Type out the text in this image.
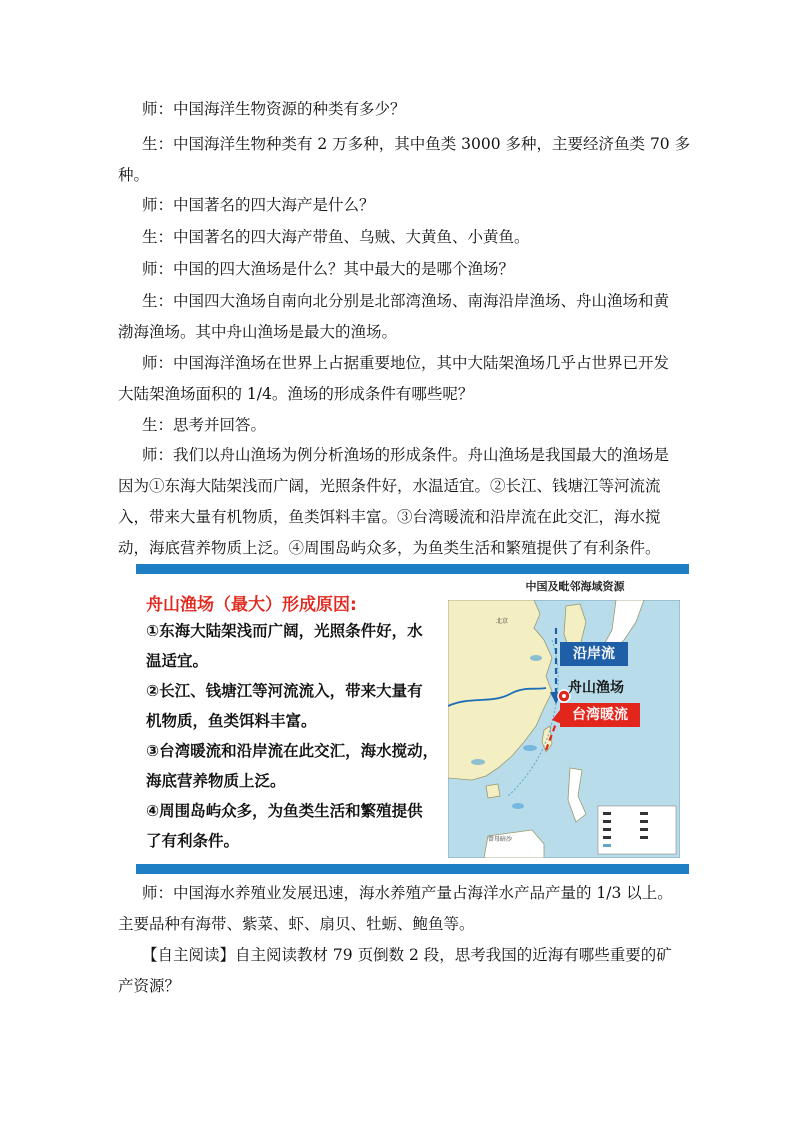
师：中国海洋生物资源的种类有多少？
生：中国海洋生物种类有 2 万多种，其中鱼类 3000 多种，主要经济鱼类 70 多
种。
师：中国著名的四大海产是什么？
生：中国著名的四大海产带鱼、乌贼、大黄鱼、小黄鱼。
师：中国的四大渔场是什么？其中最大的是哪个渔场？
生：中国四大渔场自南向北分别是北部湾渔场、南海沿岸渔场、舟山渔场和黄
渤海渔场。其中舟山渔场是最大的渔场。
师：中国海洋渔场在世界上占据重要地位，其中大陆架渔场几乎占世界已开发
大陆架渔场面积的 1/4。渔场的形成条件有哪些呢？
生：思考并回答。
师：我们以舟山渔场为例分析渔场的形成条件。舟山渔场是我国最大的渔场是
因为①东海大陆架浅而广阔，光照条件好，水温适宜。②长江、钱塘江等河流流
入，带来大量有机物质，鱼类饵料丰富。③台湾暖流和沿岸流在此交汇，海水搅
动，海底营养物质上泛。④周围岛屿众多，为鱼类生活和繁殖提供了有利条件。
舟山渔场（最大）形成原因:
①东海大陆架浅而广阔，光照条件好，水
温适宜。
②长江、钱塘江等河流流入，带来大量有
机物质，鱼类饵料丰富。
③台湾暖流和沿岸流在此交汇，海水搅动，
海底营养物质上泛。
④周围岛屿众多，为鱼类生活和繁殖提供
了有利条件。
中国及毗邻海域资源
北京
曾母暗沙
沿岸流
舟山渔场
台湾暖流
师：中国海水养殖业发展迅速，海水养殖产量占海洋水产品产量的 1/3 以上。
主要品种有海带、紫菜、虾、扇贝、牡蛎、鲍鱼等。
【自主阅读】自主阅读教材 79 页倒数 2 段，思考我国的近海有哪些重要的矿
产资源？
